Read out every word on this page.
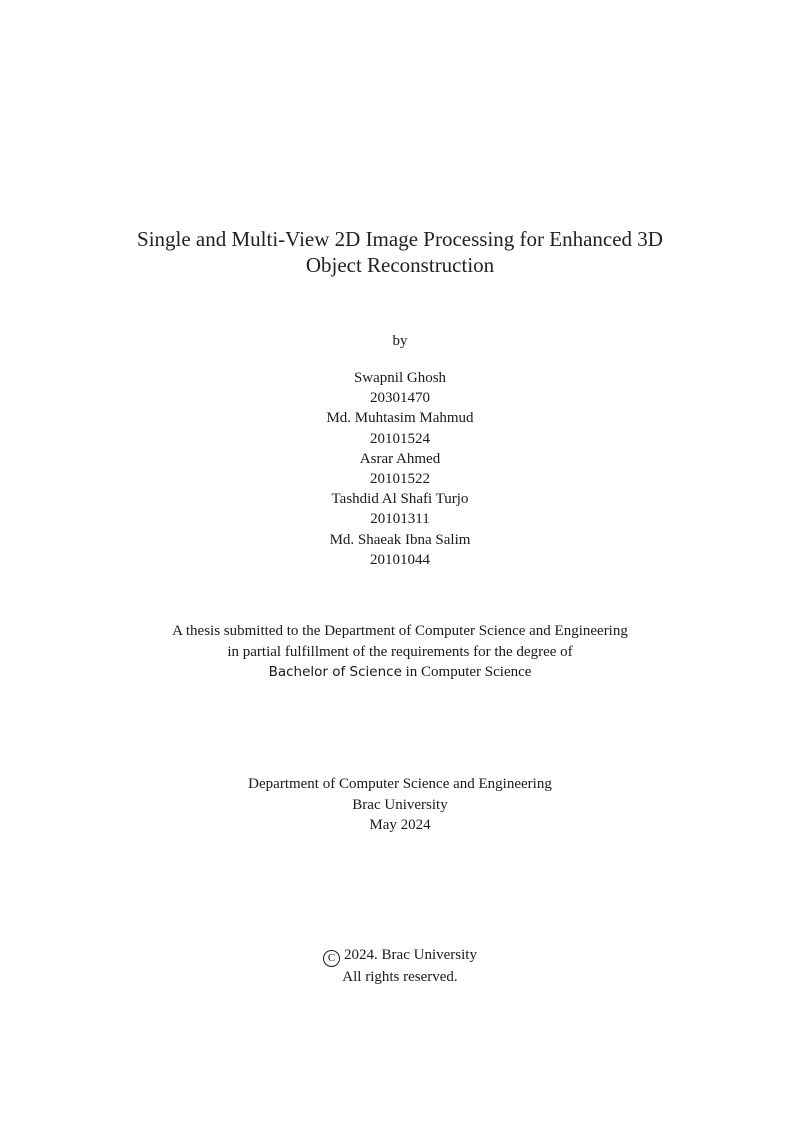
Single and Multi-View 2D Image Processing for Enhanced 3D
Object Reconstruction
by
Swapnil Ghosh
20301470
Md. Muhtasim Mahmud
20101524
Asrar Ahmed
20101522
Tashdid Al Shafi Turjo
20101311
Md. Shaeak Ibna Salim
20101044
A thesis submitted to the Department of Computer Science and Engineering
in partial fulfillment of the requirements for the degree of
Bachelor of Science in Computer Science
Department of Computer Science and Engineering
Brac University
May 2024
C 2024. Brac University
All rights reserved.
